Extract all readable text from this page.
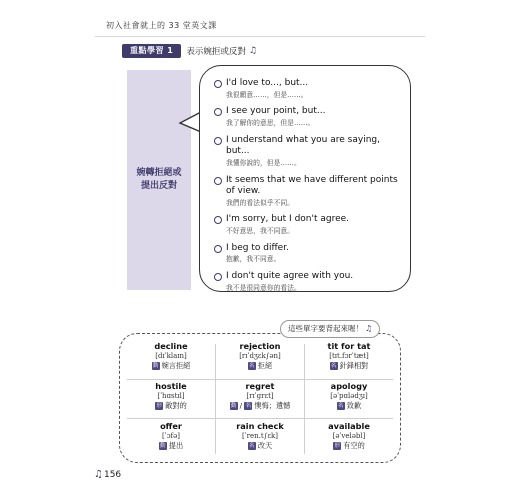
初入社會就上的 33 堂英文課
重點學習 1	表示婉拒或反對 ♫
婉轉拒絕或
提出反對
I'd love to..., but...
我很願意……，但是……。
I see your point, but...
我了解你的意思，但是……。
I understand what you are saying, but...
我懂你說的，但是……。
It seems that we have different points of view.
我們的看法似乎不同。
I'm sorry, but I don't agree.
不好意思，我不同意。
I beg to differ.
抱歉，我不同意。
I don't quite agree with you.
我不是很同意你的看法。
這些單字要背起來喔！ ♫
decline
[dɪˈklaɪn]
動 婉言拒絕
rejection
[rɪˈdʒɛk∫ən]
名 拒絕
tit for tat
[tɪt.fɔrˈtæt]
名 針鋒相對
hostile
[ˈhɑstɪl]
形 敵對的
regret
[rɪˈgrɛt]
動 / 名 懊悔；遺憾
apology
[əˈpɑlədʒɪ]
名 致歉
offer
[ˈɔfə]
動 提出
rain check
[ˈren.t∫ɛk]
名 改天
available
[əˈveləbl]
形 有空的
♫156
